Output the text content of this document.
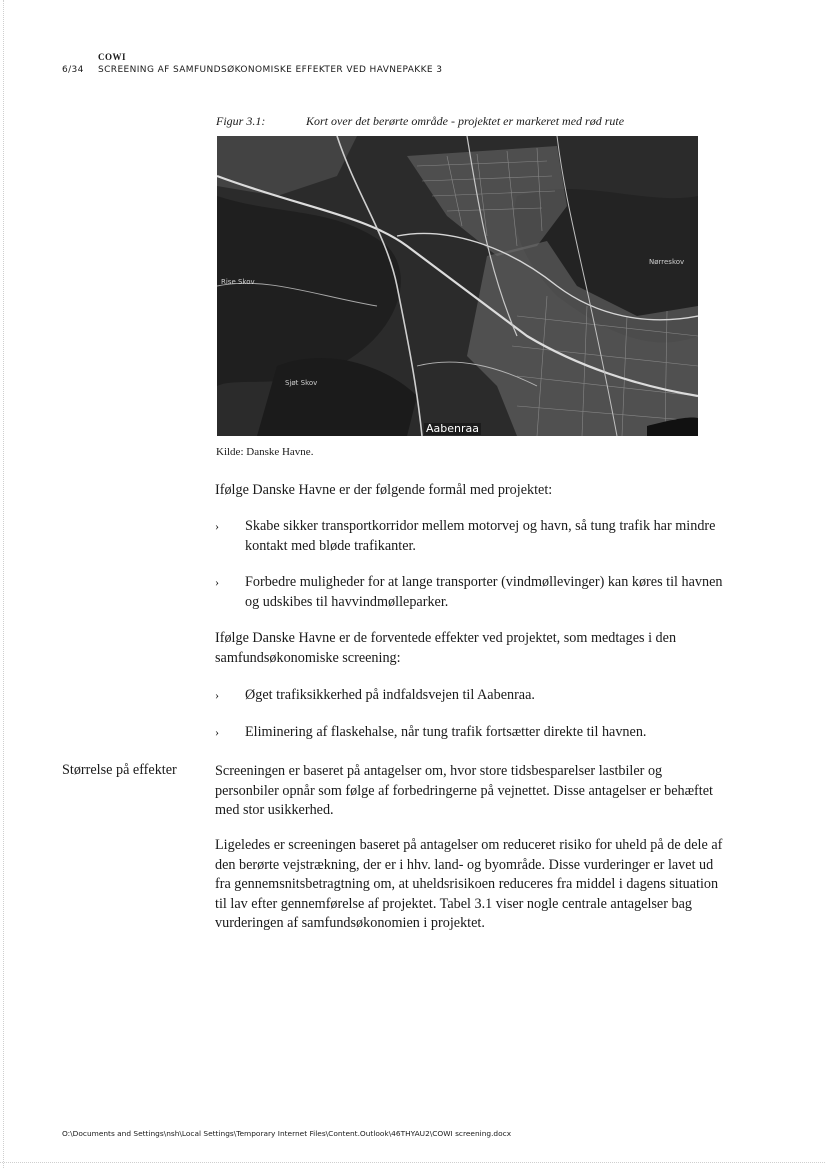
COWI
6/34 SCREENING AF SAMFUNDSØKONOMISKE EFFEKTER VED HAVNEPAKKE 3
Figur 3.1:	Kort over det berørte område - projektet er markeret med rød rute
Rise Skov
Sjøt Skov
Aabenraa
Nørreskov
Kilde: Danske Havne.
Ifølge Danske Havne er der følgende formål med projektet:
› Skabe sikker transportkorridor mellem motorvej og havn, så tung trafik har mindre kontakt med bløde trafikanter.
› Forbedre muligheder for at lange transporter (vindmøllevinger) kan køres til havnen og udskibes til havvindmølleparker.
Ifølge Danske Havne er de forventede effekter ved projektet, som medtages i den samfundsøkonomiske screening:
› Øget trafiksikkerhed på indfaldsvejen til Aabenraa.
› Eliminering af flaskehalse, når tung trafik fortsætter direkte til havnen.
Størrelse på effekter	Screeningen er baseret på antagelser om, hvor store tidsbesparelser lastbiler og personbiler opnår som følge af forbedringerne på vejnettet. Disse antagelser er behæftet med stor usikkerhed.
Ligeledes er screeningen baseret på antagelser om reduceret risiko for uheld på de dele af den berørte vejstrækning, der er i hhv. land- og byområde. Disse vurderinger er lavet ud fra gennemsnitsbetragtning om, at uheldsrisikoen reduceres fra middel i dagens situation til lav efter gennemførelse af projektet. Tabel 3.1 viser nogle centrale antagelser bag vurderingen af samfundsøkonomien i projektet.
O:\Documents and Settings\nsh\Local Settings\Temporary Internet Files\Content.Outlook\46THYAU2\COWI screening.docx
